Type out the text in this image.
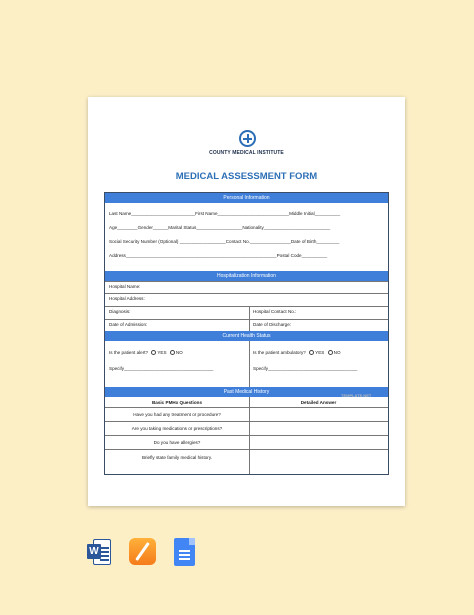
COUNTY MEDICAL INSTITUTE
MEDICAL ASSESSMENT FORM
Personal Information
Last Name_________________________First Name____________________________Middle Initial__________
Age________Gender______Marital Status__________________Nationality__________________________
Social Security Number (Optional) __________________Contact No.________________Date of Birth_________
Address___________________________________________________________Postal Code__________
Hospitalization Information
Hospital Name:
Hospital Address:
Diagnosis:	Hospital Contact No.:
Date of Admission:	Date of Discharge:
Current Health Status
Is the patient alert? YES NO	Is the patient ambulatory? YES NO
Specify___________________________________	Specify___________________________________
Past Medical History
Basic PMHx Questions	Detailed Answer
Have you had any treatment or procedure?
Are you taking medications or prescriptions?
Do you have allergies?
Briefly state family medical history.
TEMPLATE.NET
W
